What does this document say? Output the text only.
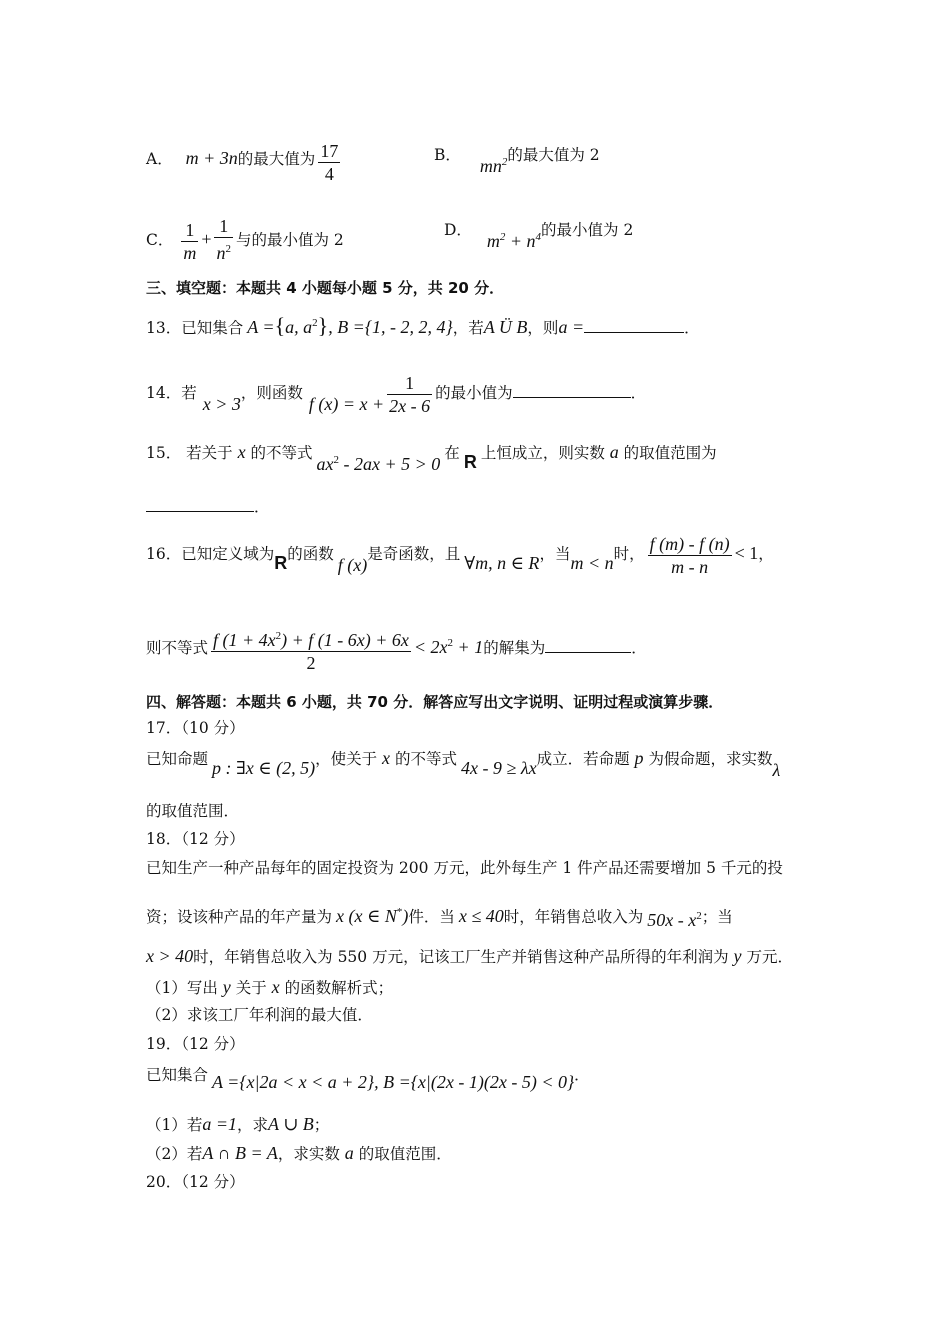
A． m + 3n的最大值为 $\frac{17}{4}$	B． $mn^2$的最大值为 2
C． $\frac{1}{m} + \frac{1}{n^2}$ 与的最小值为 2
D． $m^2 + n^4$的最小值为 2
三、填空题：本题共 4 小题每小题 5 分，共 20 分．
13．已知集合 A ={a, $a^2$}, B ={1, - 2, 2, 4}，若A Ü B，则a =	．
14．若x > 3，则函数f $(x) = x + \frac{1}{2x - 6}$ 的最小值为	．
15． 若关于 x 的不等式$ax^2 - 2ax + 5 > 0$在 R 上恒成立，则实数 a 的取值范围为
．
16．已知定义域为R的函数f (x)是奇函数，且 ∀m, n ∈ R，当m < n时， $\frac{f (m) - f (n)}{m - n} < 1$，
则不等式 $\frac{f (1 + 4x^2) + f (1 - 6x) + 6x}{2} < 2x^2 + 1$的解集为	．
四、解答题：本题共 6 小题，共 70 分．解答应写出文字说明、证明过程或演算步骤．
17．（10 分）
已知命题 p : ∃x ∈ (2, 5)，使关于 x 的不等式 4x - 9 ≥ λx成立．若命题 p 为假命题，求实数λ
的取值范围．
18．（12 分）
已知生产一种产品每年的固定投资为 200 万元，此外每生产 1 件产品还需要增加 5 千元的投
资；设该种产品的年产量为 x (x ∈ N*)件．当 x ≤ 40时，年销售总收入为 $50x - x^2$；当
x > 40时，年销售总收入为 550 万元，记该工厂生产并销售这种产品所得的年利润为 y 万元．
（1）写出 y 关于 x 的函数解析式；
（2）求该工厂年利润的最大值．
19．（12 分）
已知集合 A ={x|2a < x < a + 2}, B ={x|(2x - 1)(2x - 5) < 0}．
（1）若a =1，求A ∪ B；
（2）若A ∩ B = A，求实数 a 的取值范围．
20．（12 分）
